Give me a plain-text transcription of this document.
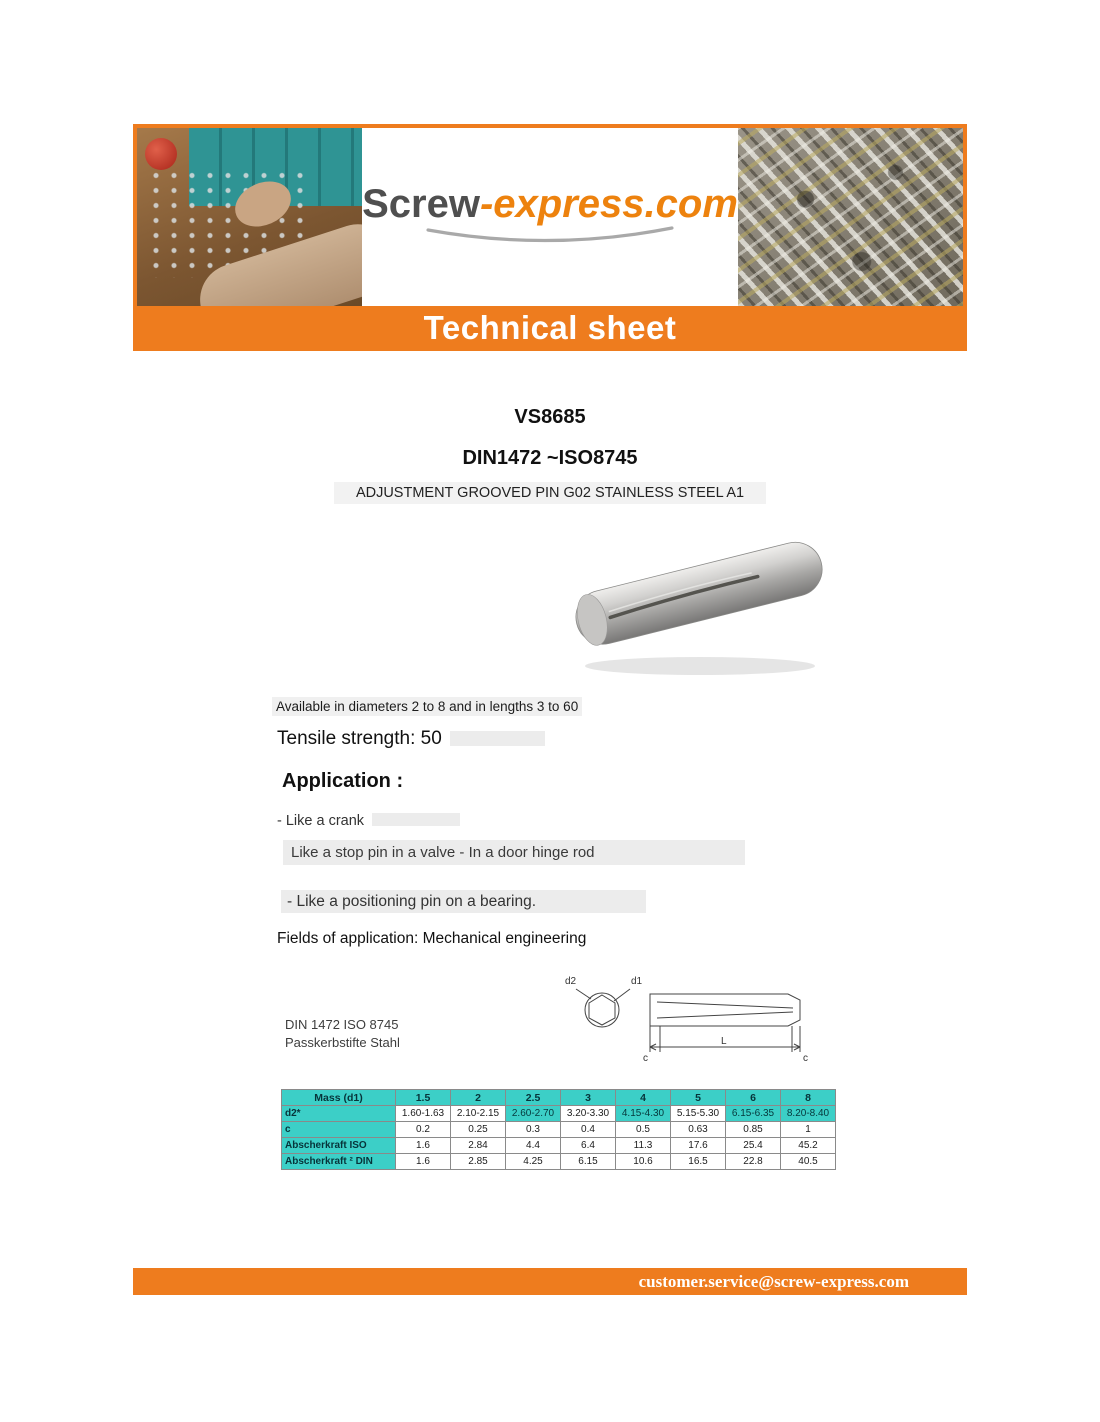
Screw-express.com
Technical sheet
VS8685
DIN1472 ~ISO8745
ADJUSTMENT GROOVED PIN G02 STAINLESS STEEL A1
Available in diameters 2 to 8 and in lengths 3 to 60
Tensile strength: 50
Application :
- Like a crank
Like a stop pin in a valve - In a door hinge rod
- Like a positioning pin on a bearing.
Fields of application: Mechanical engineering
DIN 1472 ISO 8745
Passkerbstifte Stahl
d2	d1
c
L
c
Mass (d1)	1.5	2	2.5	3	4	5	6	8
d2*	1.60-1.63	2.10-2.15	2.60-2.70	3.20-3.30	4.15-4.30	5.15-5.30	6.15-6.35	8.20-8.40
c	0.2	0.25	0.3	0.4	0.5	0.63	0.85	1
Abscherkraft ISO	1.6	2.84	4.4	6.4	11.3	17.6	25.4	45.2
Abscherkraft ² DIN	1.6	2.85	4.25	6.15	10.6	16.5	22.8	40.5
customer.service@screw-express.com
